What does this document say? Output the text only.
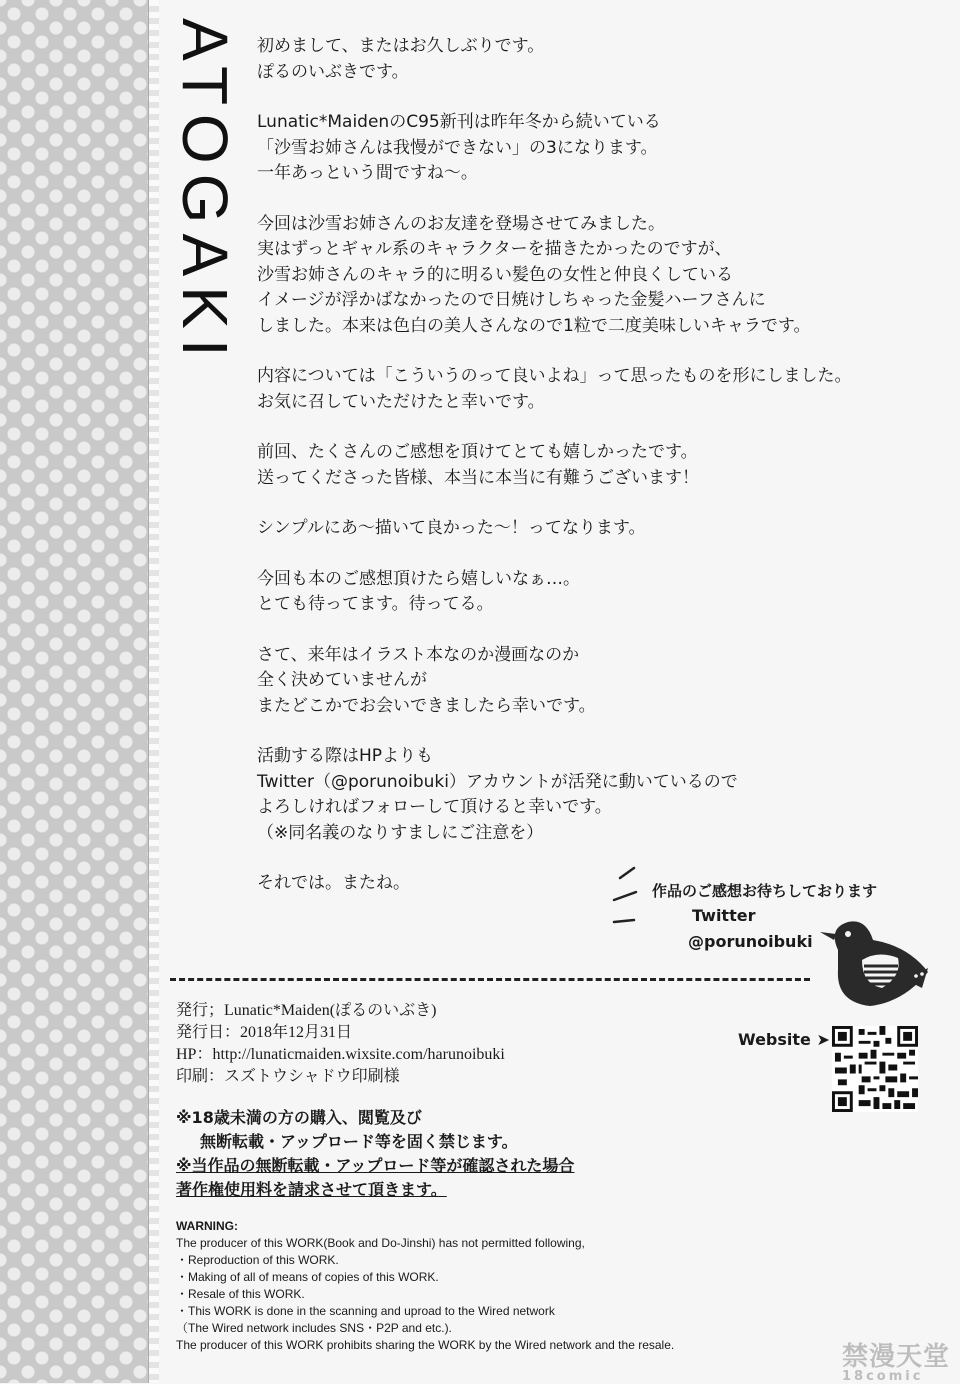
ATOGAKI 初めまして、またはお久しぶりです。
ぽるのいぶきです。

Lunatic*MaidenのC95新刊は昨年冬から続いている
「沙雪お姉さんは我慢ができない」の3になります。
一年あっという間ですね～。

今回は沙雪お姉さんのお友達を登場させてみました。
実はずっとギャル系のキャラクターを描きたかったのですが、
沙雪お姉さんのキャラ的に明るい髪色の女性と仲良くしている
イメージが浮かばなかったので日焼けしちゃった金髪ハーフさんに
しました。本来は色白の美人さんなので1粒で二度美味しいキャラです。

内容については「こういうのって良いよね」って思ったものを形にしました。
お気に召していただけたと幸いです。

前回、たくさんのご感想を頂けてとても嬉しかったです。
送ってくださった皆様、本当に本当に有難うございます！

シンプルにあ～描いて良かった～！ってなります。

今回も本のご感想頂けたら嬉しいなぁ…。
とても待ってます。待ってる。

さて、来年はイラスト本なのか漫画なのか
全く決めていませんが
またどこかでお会いできましたら幸いです。

活動する際はHPよりも
Twitter（@porunoibuki）アカウントが活発に動いているので
よろしければフォローして頂けると幸いです。
（※同名義のなりすましにご注意を）

それでは。またね。	作品のご感想お待ちしております
Twitter
@porunoibuki
発行；Lunatic*Maiden(ぽるのいぶき)
発行日：2018年12月31日
HP：http://lunaticmaiden.wixsite.com/harunoibuki
印刷：スズトウシャドウ印刷様
Website ➤
※18歳未満の方の購入、閲覧及び
無断転載・アップロード等を固く禁じます。
※当作品の無断転載・アップロード等が確認された場合
著作権使用料を請求させて頂きます。
WARNING:
The producer of this WORK(Book and Do-Jinshi) has not permitted following,
・Reproduction of this WORK.
・Making of all of means of copies of this WORK.
・Resale of this WORK.
・This WORK is done in the scanning and uproad to the Wired network
（The Wired network includes SNS・P2P and etc.).
The producer of this WORK prohibits sharing the WORK by the Wired network and the resale.	禁漫天堂
18comic
